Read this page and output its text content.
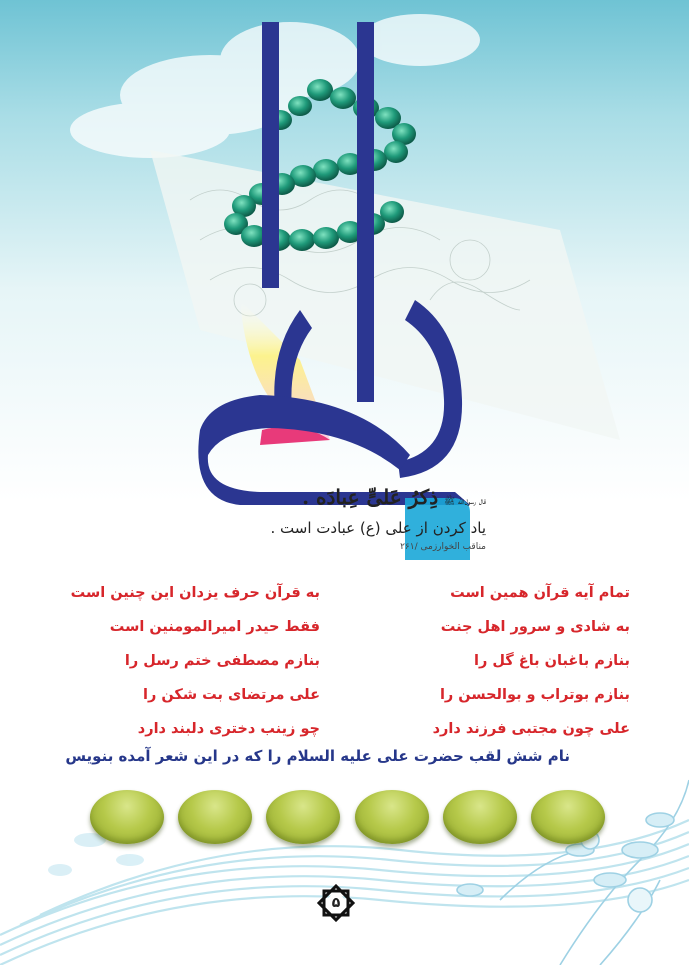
قال رسول‌الله ﷺذِکرُ عَلیٍّ عِبادَه .
یاد کردن از علی (ع) عبادت است .
مناقب الخوارزمی /۲۶۱
تمام آیه قرآن همین است
به قرآن حرف یزدان این چنین است
به شادی و سرور اهل جنت
فقط حیدر امیرالمومنین است
بنازم باغبان باغ گل را
بنازم مصطفی ختم رسل را
بنازم بوتراب و بوالحسن را
علی مرتضای بت شکن را
علی چون مجتبی فرزند دارد
چو زینب دختری دلبند دارد
نام شش لقب حضرت علی علیه السلام را که در این شعر آمده بنویس
۵
